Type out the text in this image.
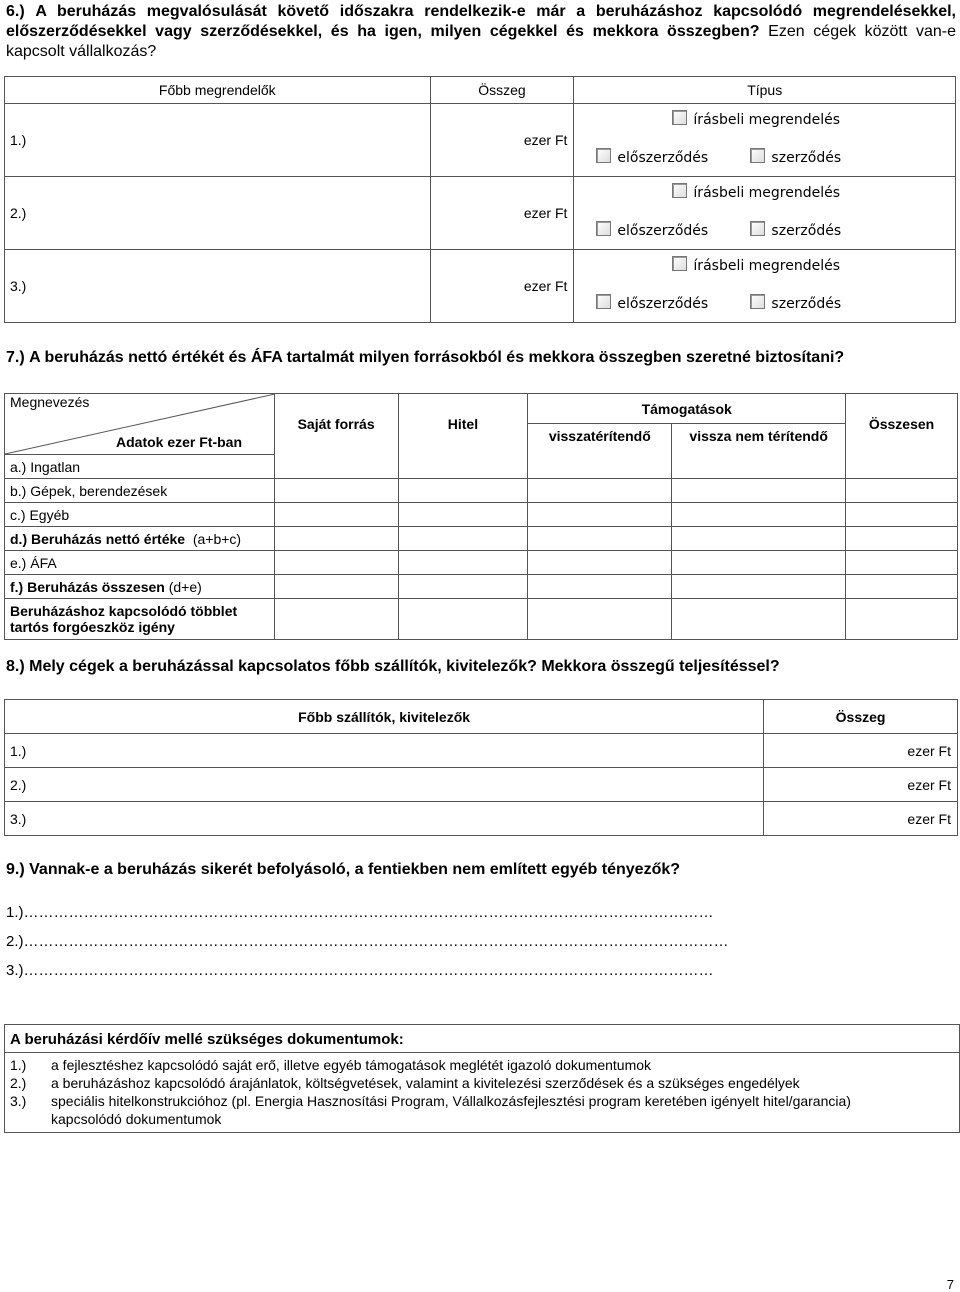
6.) A beruházás megvalósulását követő időszakra rendelkezik-e már a beruházáshoz kapcsolódó megrendelésekkel, előszerződésekkel vagy szerződésekkel, és ha igen, milyen cégekkel és mekkora összegben? Ezen cégek között van-e kapcsolt vállalkozás?
Főbb megrendelők	Összeg	Típus
1.)	ezer Ft	írásbeli megrendelés
előszerződés szerződés

2.)	ezer Ft	írásbeli megrendelés
előszerződés szerződés

3.)	ezer Ft	írásbeli megrendelés
előszerződés szerződés
7.) A beruházás nettó értékét és ÁFA tartalmát milyen forrásokból és mekkora összegben szeretné biztosítani?
Megnevezés
Adatok ezer Ft-ban	Saját forrás	Hitel	Támogatások		Összesen
			visszatérítendő	vissza nem térítendő	
a.) Ingatlan					
b.) Gépek, berendezések					
c.) Egyéb					
d.) Beruházás nettó értéke (a+b+c)					
e.) ÁFA					
f.) Beruházás összesen (d+e)					
Beruházáshoz kapcsolódó többlet tartós forgóeszköz igény					
8.) Mely cégek a beruházással kapcsolatos főbb szállítók, kivitelezők? Mekkora összegű teljesítéssel?
Főbb szállítók, kivitelezők	Összeg
1.)	ezer Ft
2.)	ezer Ft
3.)	ezer Ft
9.) Vannak-e a beruházás sikerét befolyásoló, a fentiekben nem említett egyéb tényezők?
1.)…………………………………………………………………………………………………………………………
2.)……………………………………………………………………………………………………………………………
3.)…………………………………………………………………………………………………………………………
A beruházási kérdőív mellé szükséges dokumentumok:
1.) a fejlesztéshez kapcsolódó saját erő, illetve egyéb támogatások meglétét igazoló dokumentumok
2.) a beruházáshoz kapcsolódó árajánlatok, költségvetések, valamint a kivitelezési szerződések és a szükséges engedélyek
3.) speciális hitelkonstrukcióhoz (pl. Energia Hasznosítási Program, Vállalkozásfejlesztési program keretében igényelt hitel/garancia) kapcsolódó dokumentumok
7
